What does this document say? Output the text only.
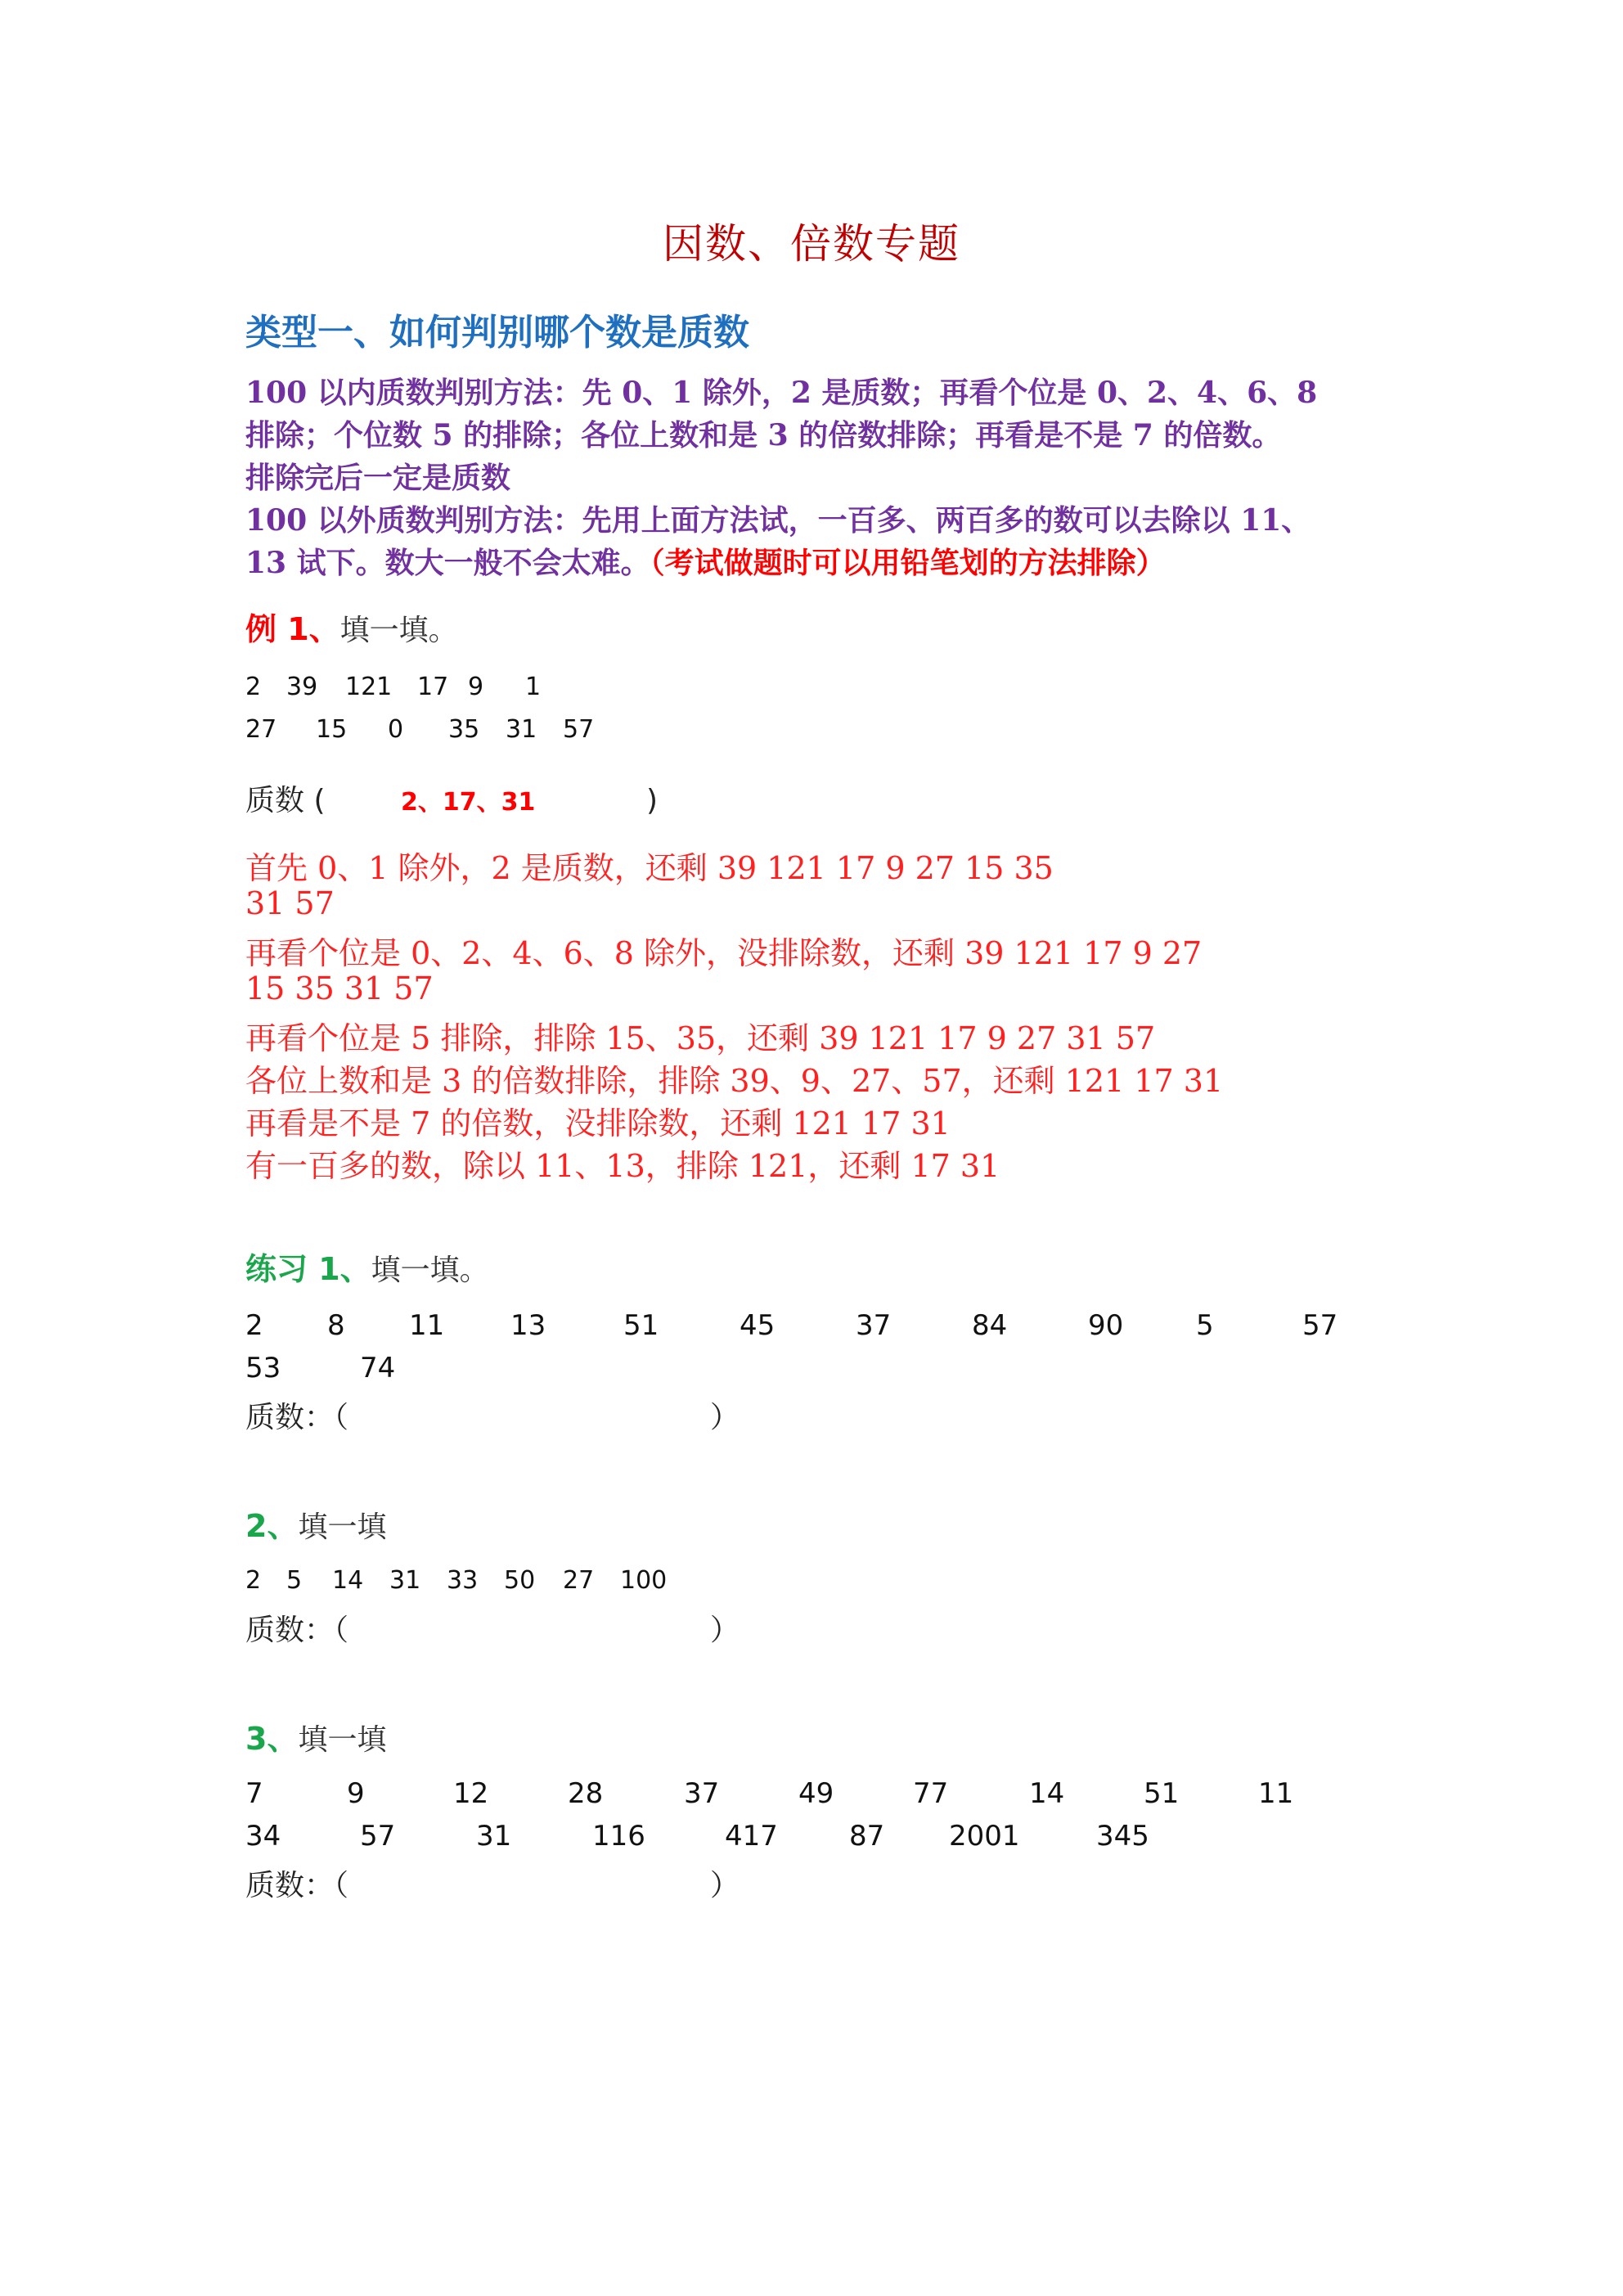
因数、倍数专题
类型一、如何判别哪个数是质数
100 以内质数判别方法：先 0、1 除外，2 是质数；再看个位是 0、2、4、6、8
排除；个位数 5 的排除；各位上数和是 3 的倍数排除；再看是不是 7 的倍数。
排除完后一定是质数
100 以外质数判别方法：先用上面方法试，一百多、两百多的数可以去除以 11、
13 试下。数大一般不会太难。（考试做题时可以用铅笔划的方法排除）
例 1、填一填。
2 39 121 17 9 1
27 15 0 35 31 57
质数 (	2、17、31	)
首先 0、1 除外，2 是质数，还剩 39 121 17 9 27 15 35
31 57
再看个位是 0、2、4、6、8 除外，没排除数，还剩 39 121 17 9 27
15 35 31 57
再看个位是 5 排除，排除 15、35，还剩 39 121 17 9 27 31 57
各位上数和是 3 的倍数排除，排除 39、9、27、57，还剩 121 17 31
再看是不是 7 的倍数，没排除数，还剩 121 17 31
有一百多的数，除以 11、13，排除 121，还剩 17 31
练习 1、填一填。
2 8 11 13	51	45	37	84	90	5	57
53	74
质数：（	）
2、填一填
2 5 14 31 33 50 27 100
质数：（	）
3、填一填
7	9	12	28	37	49	77	14	51	11
34	57	31	116	417	87 2001	345
质数：（	）
